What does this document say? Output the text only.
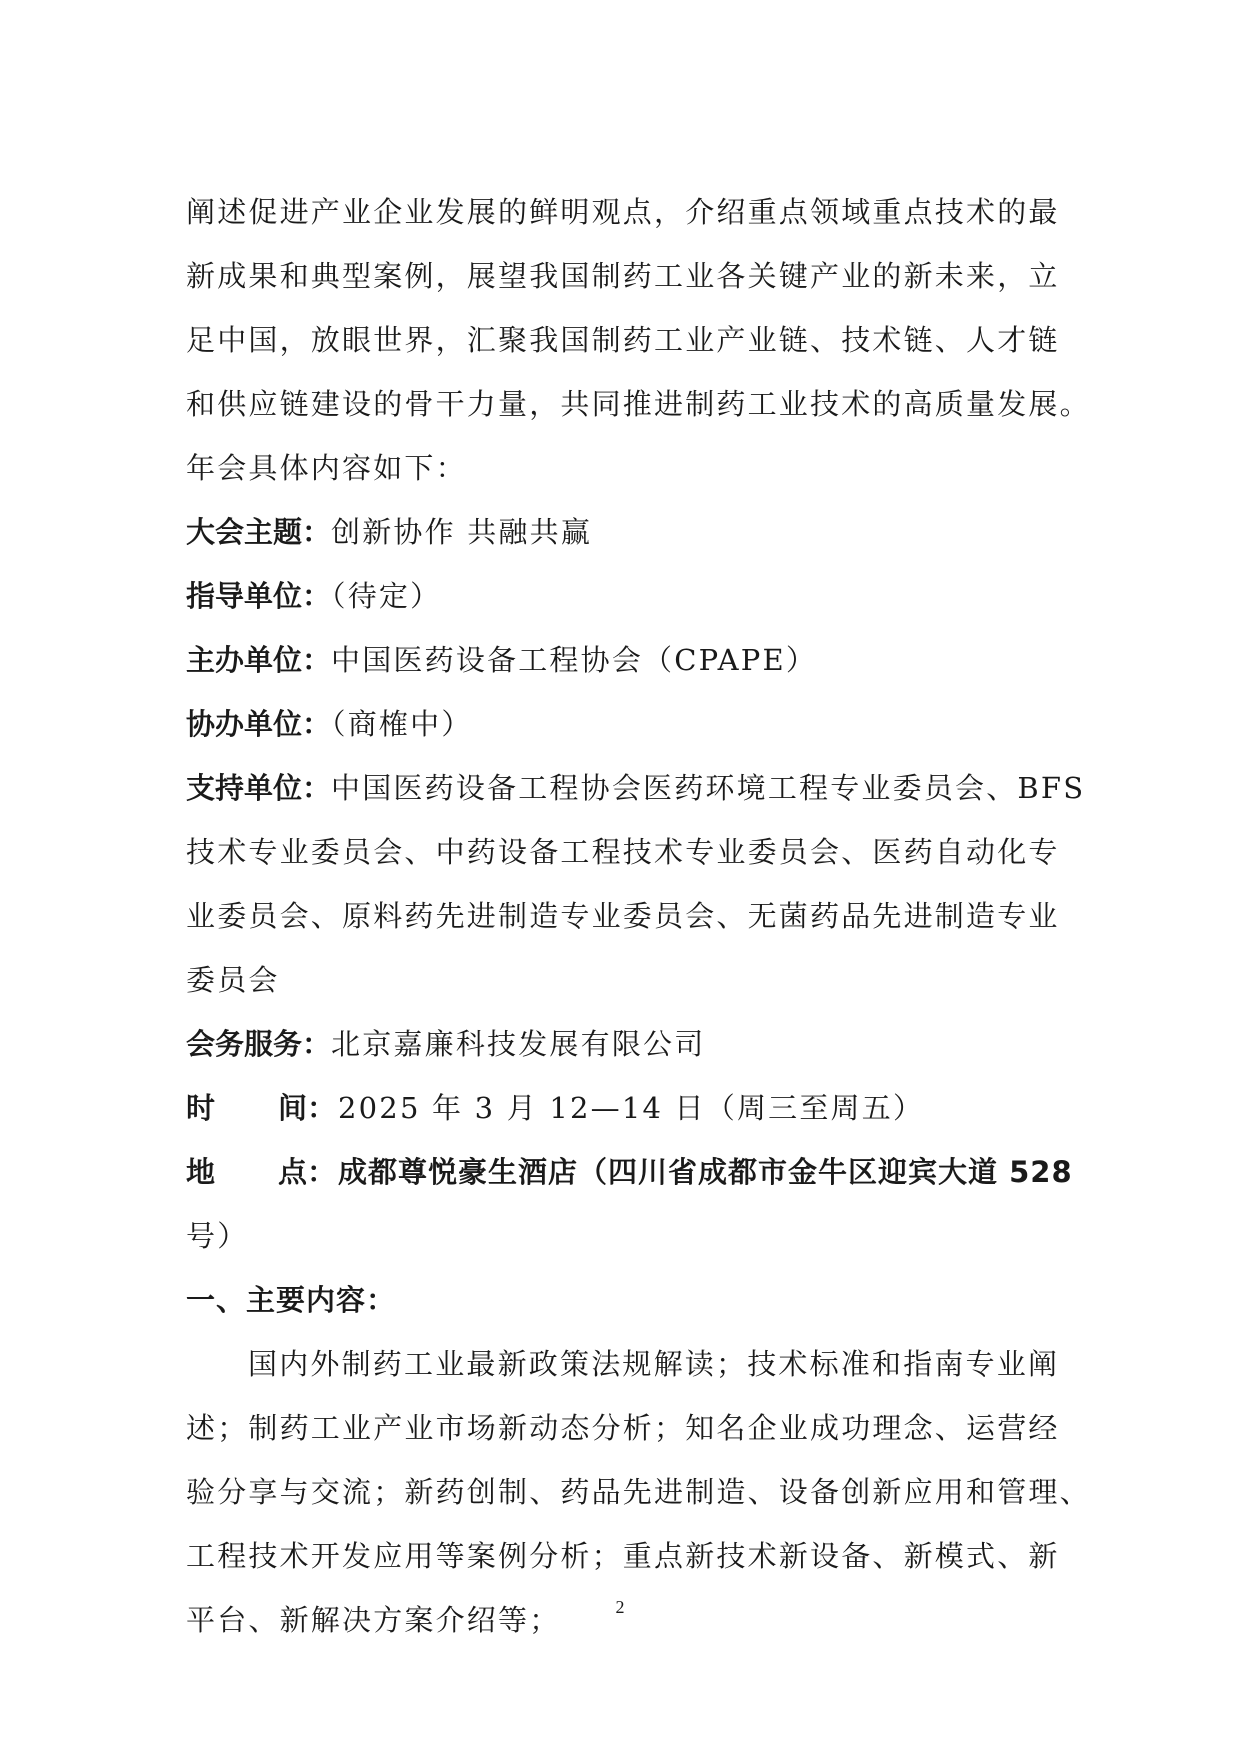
阐述促进产业企业发展的鲜明观点，介绍重点领域重点技术的最

新成果和典型案例，展望我国制药工业各关键产业的新未来，立

足中国，放眼世界，汇聚我国制药工业产业链、技术链、人才链

和供应链建设的骨干力量，共同推进制药工业技术的高质量发展。

年会具体内容如下：

大会主题：创新协作 共融共赢

指导单位：（待定）

主办单位：中国医药设备工程协会（CPAPE）

协办单位：（商榷中）

支持单位：中国医药设备工程协会医药环境工程专业委员会、BFS

技术专业委员会、中药设备工程技术专业委员会、医药自动化专

业委员会、原料药先进制造专业委员会、无菌药品先进制造专业

委员会

会务服务：北京嘉廉科技发展有限公司

时 间：2025 年 3 月 12—14 日（周三至周五）

地 点：成都尊悦豪生酒店（四川省成都市金牛区迎宾大道 528

号）

一、主要内容：

国内外制药工业最新政策法规解读；技术标准和指南专业阐

述；制药工业产业市场新动态分析；知名企业成功理念、运营经

验分享与交流；新药创制、药品先进制造、设备创新应用和管理、

工程技术开发应用等案例分析；重点新技术新设备、新模式、新

平台、新解决方案介绍等；	2
